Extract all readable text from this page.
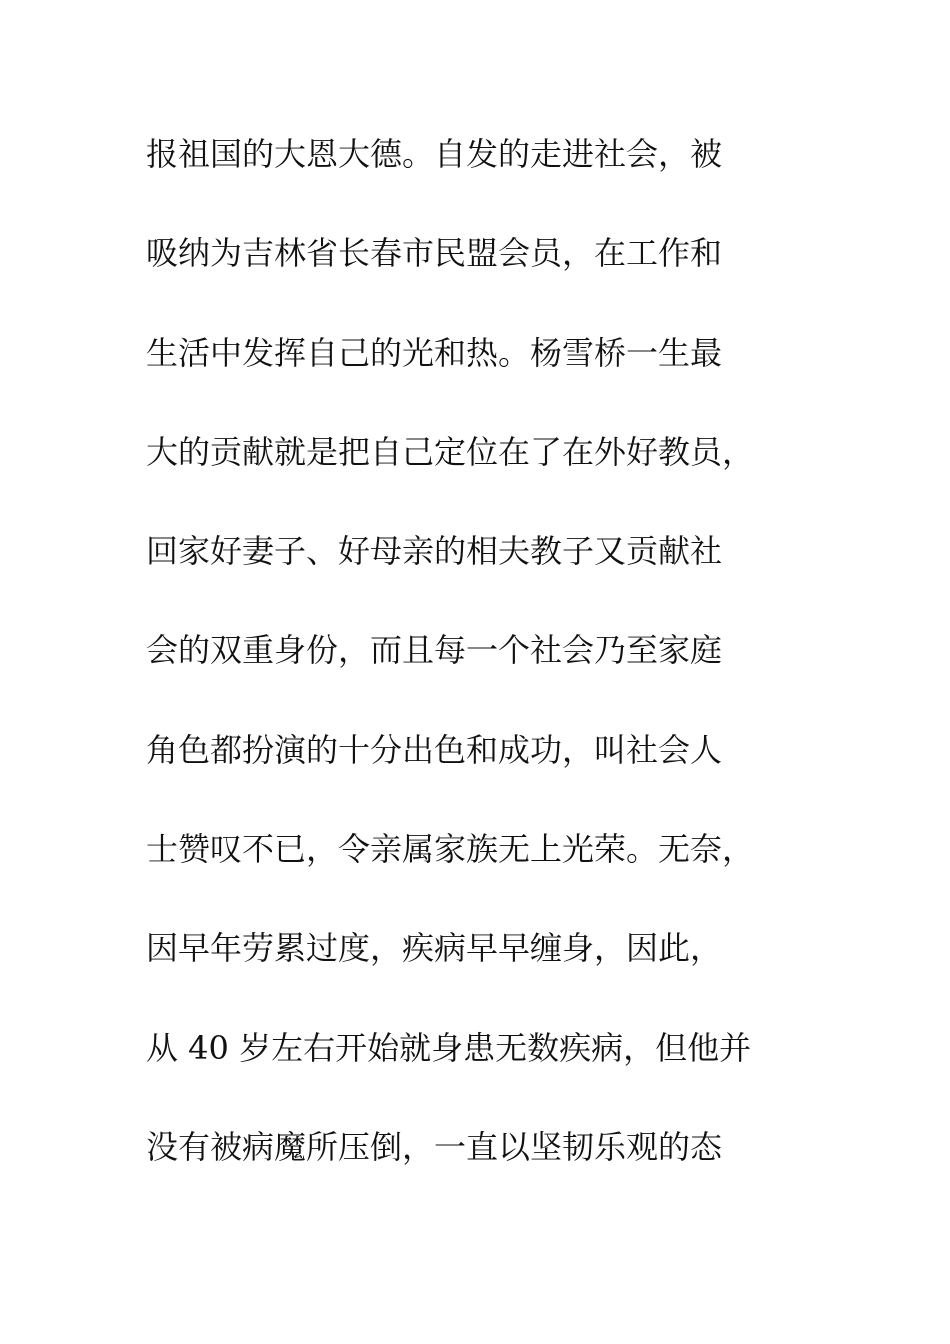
报祖国的大恩大德。自发的走进社会，被
吸纳为吉林省长春市民盟会员，在工作和
生活中发挥自己的光和热。杨雪桥一生最
大的贡献就是把自己定位在了在外好教员，
回家好妻子、好母亲的相夫教子又贡献社
会的双重身份，而且每一个社会乃至家庭
角色都扮演的十分出色和成功，叫社会人
士赞叹不已，令亲属家族无上光荣。无奈，
因早年劳累过度，疾病早早缠身，因此，
从 40 岁左右开始就身患无数疾病，但他并
没有被病魔所压倒，一直以坚韧乐观的态
